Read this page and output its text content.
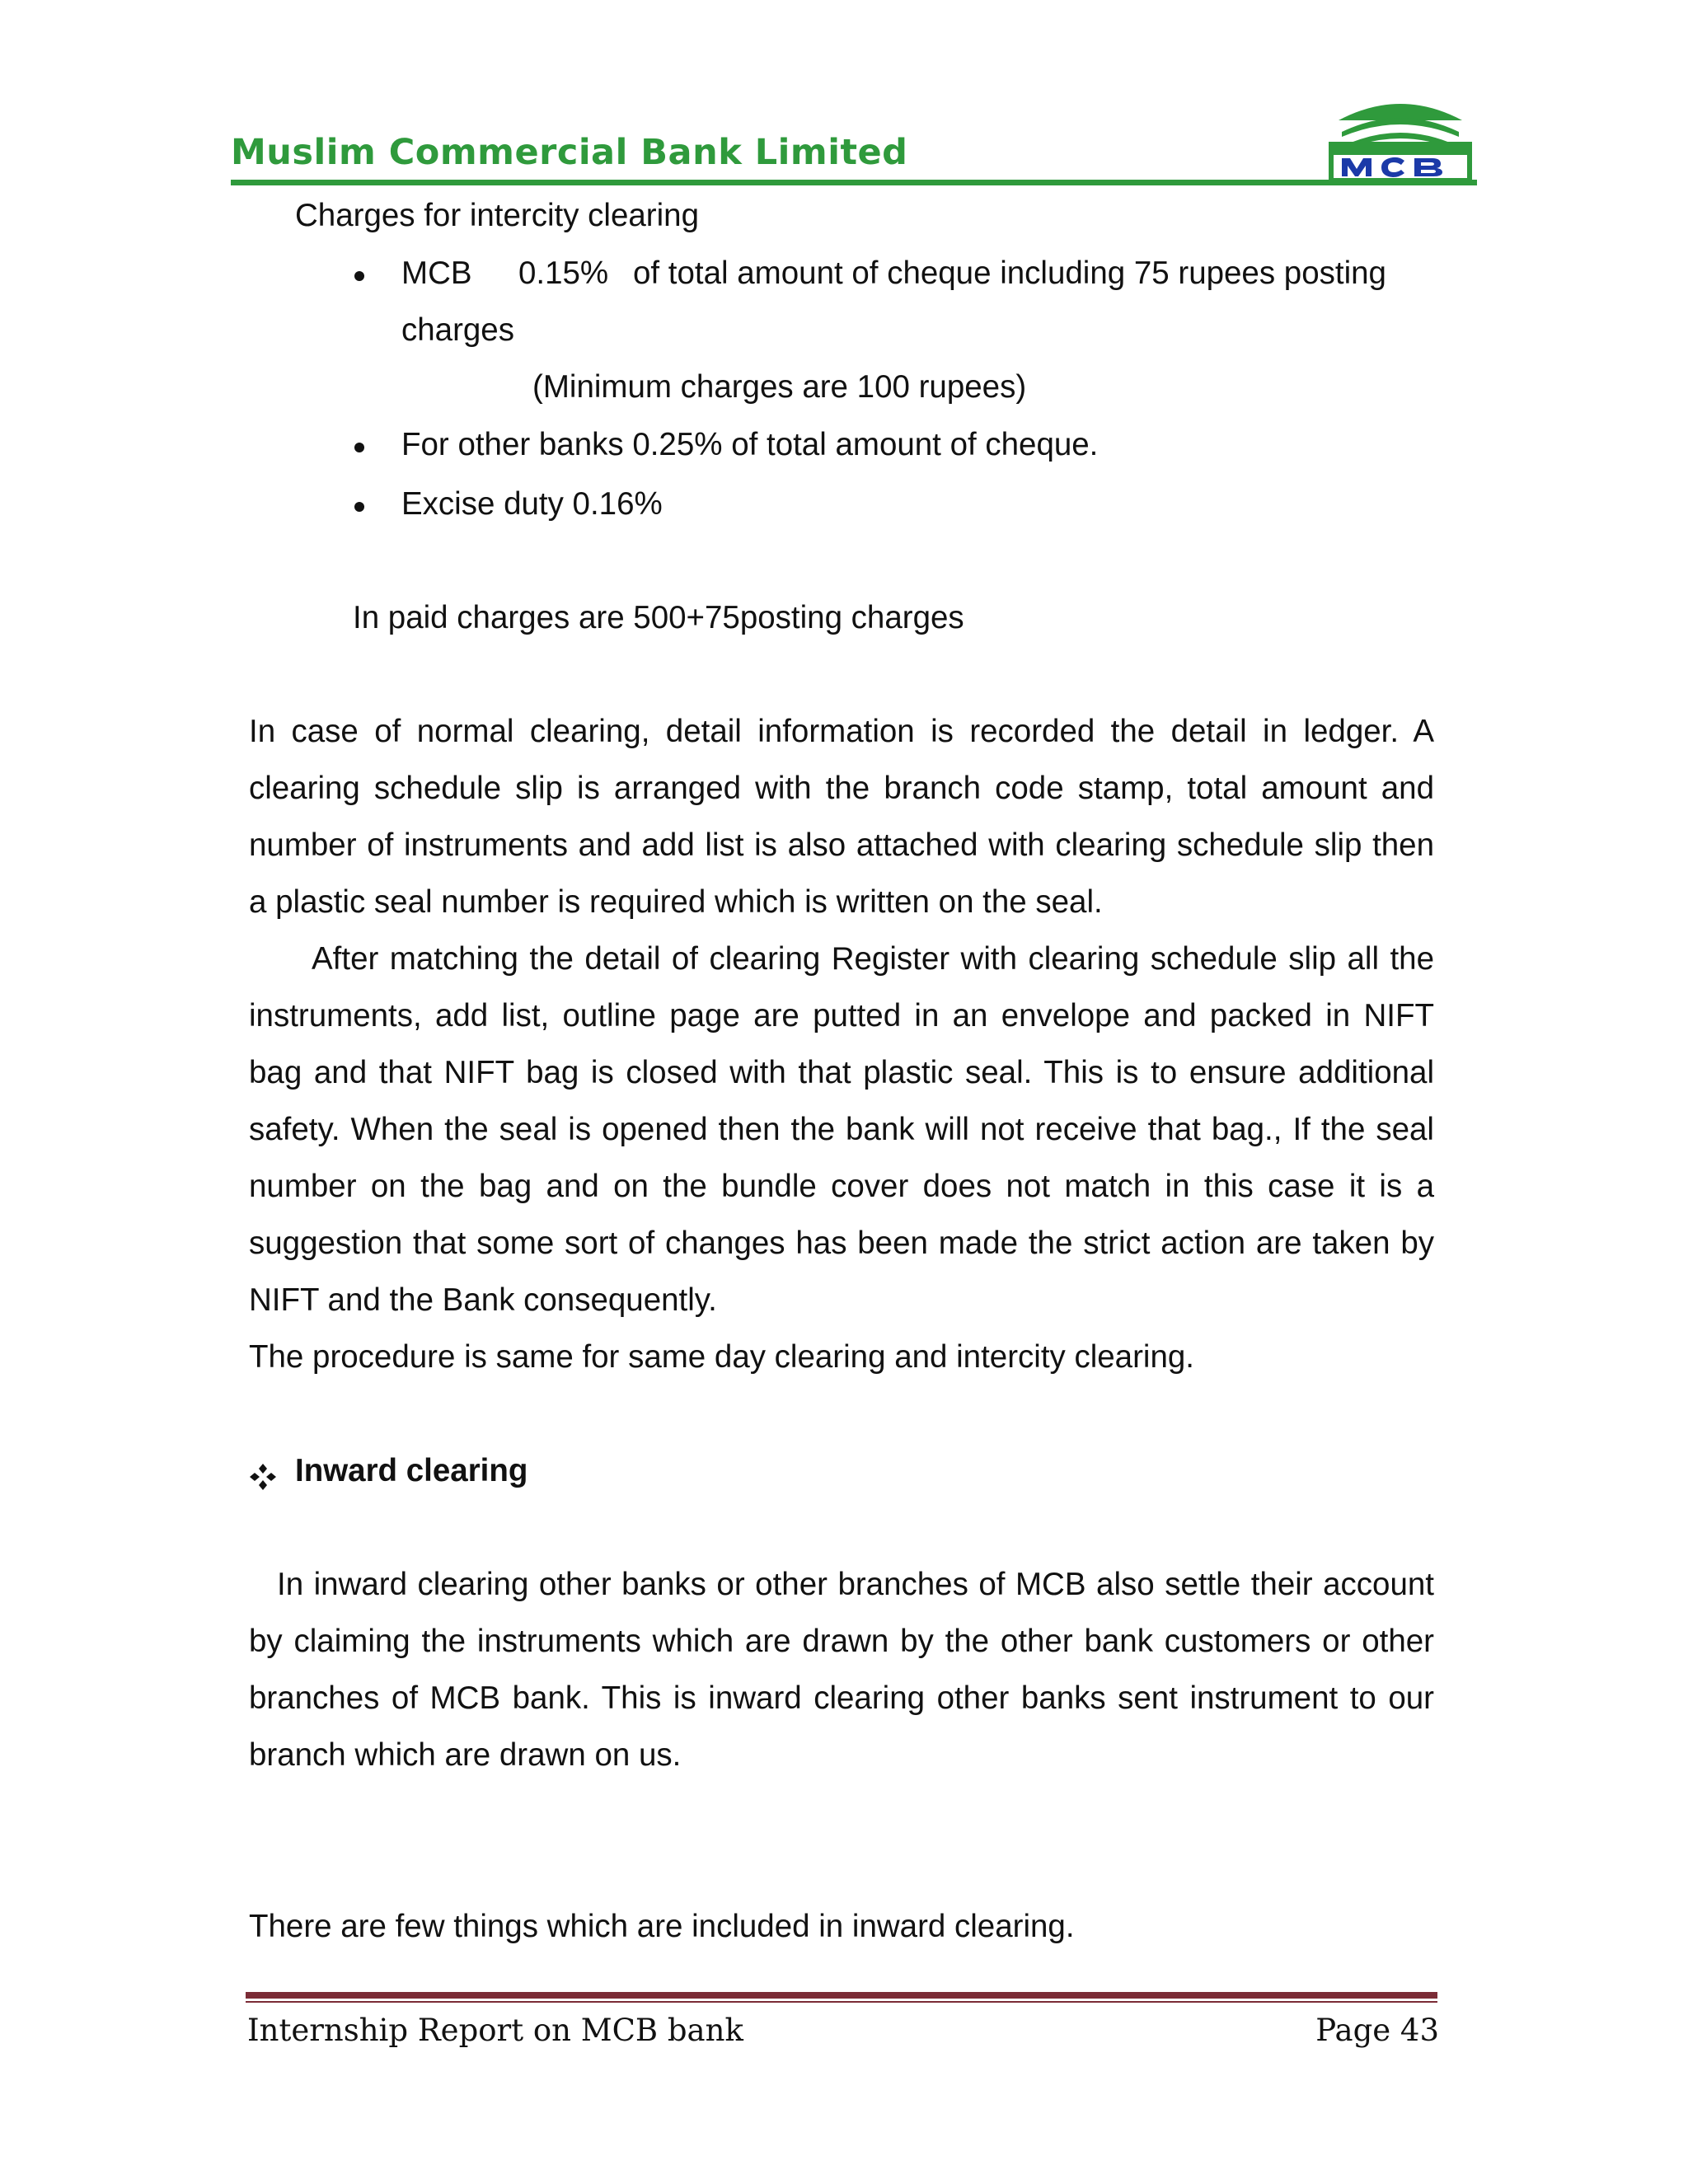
Muslim Commercial Bank Limited
Charges for intercity clearing
MCB 0.15% of total amount of cheque including 75 rupees posting
charges
(Minimum charges are 100 rupees)
For other banks 0.25% of total amount of cheque.
Excise duty 0.16%
In paid charges are 500+75posting charges
In case of normal clearing, detail information is recorded the detail in ledger. A clearing schedule slip is arranged with the branch code stamp, total amount and number of instruments and add list is also attached with clearing schedule slip then a plastic seal number is required which is written on the seal.
After matching the detail of clearing Register with clearing schedule slip all the instruments, add list, outline page are putted in an envelope and packed in NIFT bag and that NIFT bag is closed with that plastic seal. This is to ensure additional safety. When the seal is opened then the bank will not receive that bag., If the seal number on the bag and on the bundle cover does not match in this case it is a suggestion that some sort of changes has been made the strict action are taken by NIFT and the Bank consequently.
The procedure is same for same day clearing and intercity clearing.
Inward clearing
In inward clearing other banks or other branches of MCB also settle their account by claiming the instruments which are drawn by the other bank customers or other branches of MCB bank. This is inward clearing other banks sent instrument to our branch which are drawn on us.
There are few things which are included in inward clearing.
Internship Report on MCB bank	Page 43
